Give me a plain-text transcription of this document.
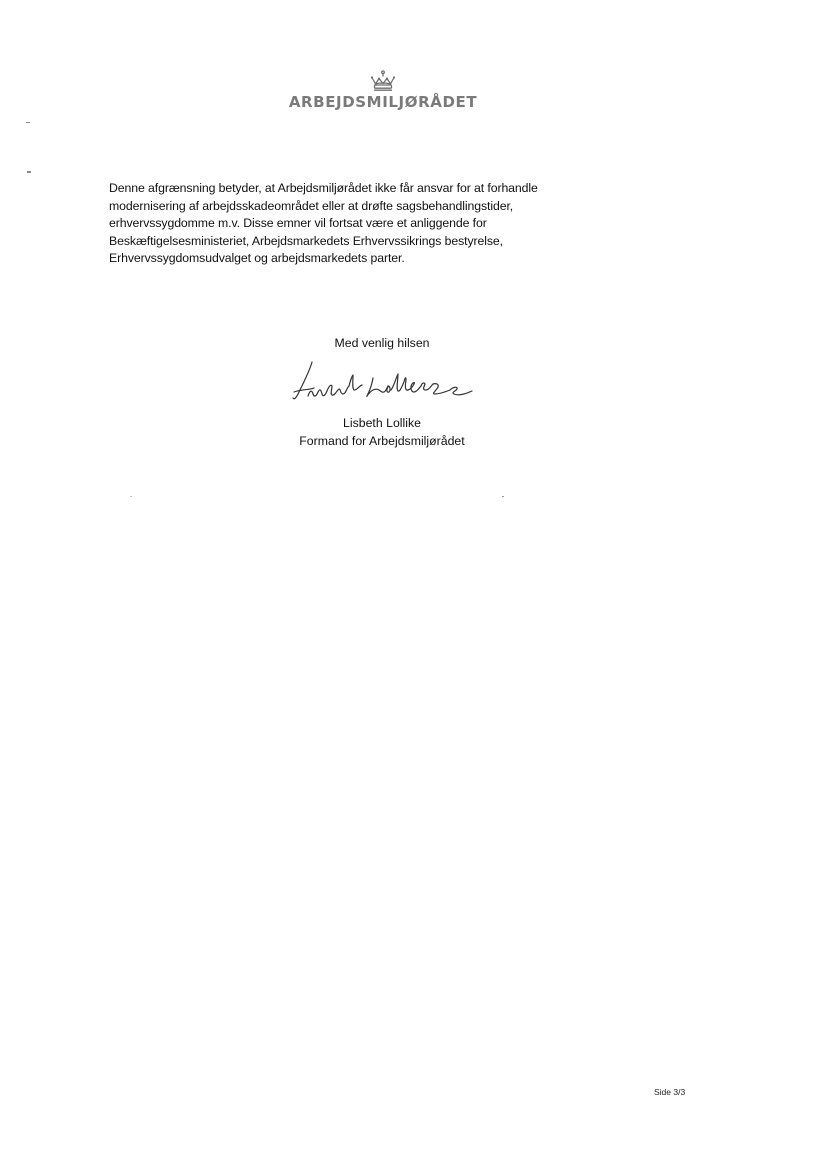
ARBEJDSMILJØRÅDET
Denne afgrænsning betyder, at Arbejdsmiljørådet ikke får ansvar for at forhandle
modernisering af arbejdsskadeområdet eller at drøfte sagsbehandlingstider,
erhvervssygdomme m.v. Disse emner vil fortsat være et anliggende for
Beskæftigelsesministeriet, Arbejdsmarkedets Erhvervssikrings bestyrelse,
Erhvervssygdomsudvalget og arbejdsmarkedets parter.
Med venlig hilsen
Lisbeth Lollike
Formand for Arbejdsmiljørådet
Side 3/3
